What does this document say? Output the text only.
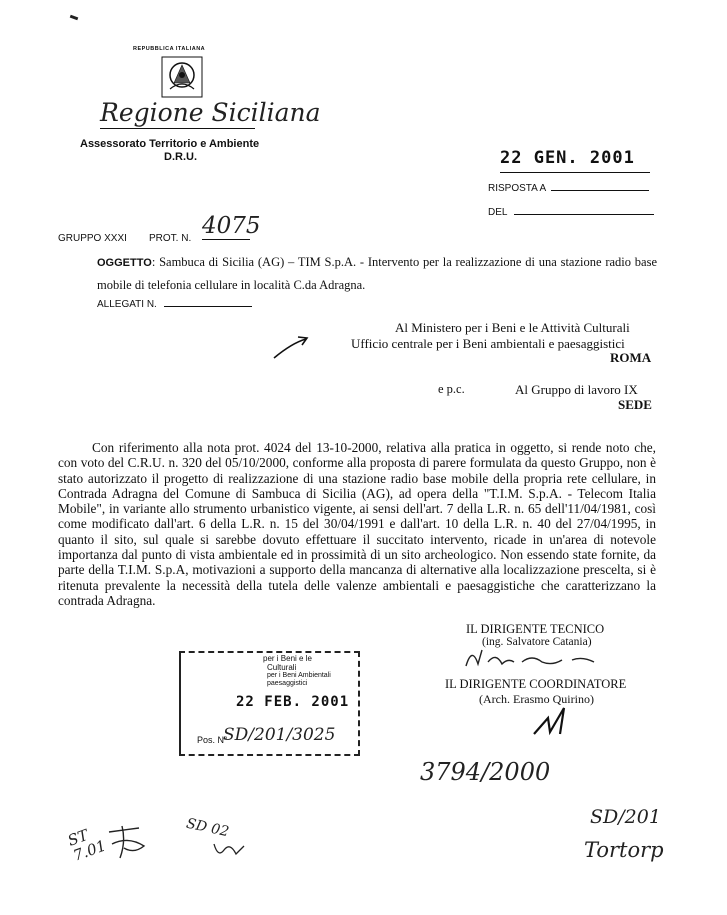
REPUBBLICA ITALIANA
Regione Siciliana
Assessorato Territorio e Ambiente
D.R.U.	22 GEN. 2001
RISPOSTA A
DEL
GRUPPO XXXI PROT. N. 4075
OGGETTO: Sambuca di Sicilia (AG) – TIM S.p.A. - Intervento per la realizzazione di una stazione radio base mobile di telefonia cellulare in località C.da Adragna.
ALLEGATI N.
Al Ministero per i Beni e le Attività Culturali
Ufficio centrale per i Beni ambientali e paesaggistici
ROMA
e p.c.	Al Gruppo di lavoro IX
SEDE
Con riferimento alla nota prot. 4024 del 13-10-2000, relativa alla pratica in oggetto, si rende noto che, con voto del C.R.U. n. 320 del 05/10/2000, conforme alla proposta di parere formulata da questo Gruppo, non è stato autorizzato il progetto di realizzazione di una stazione radio base mobile della propria rete cellulare, in Contrada Adragna del Comune di Sambuca di Sicilia (AG), ad opera della "T.I.M. S.p.A. - Telecom Italia Mobile", in variante allo strumento urbanistico vigente, ai sensi dell'art. 7 della L.R. n. 65 dell'11/04/1981, così come modificato dall'art. 6 della L.R. n. 15 del 30/04/1991 e dall'art. 10 della L.R. n. 40 del 27/04/1995, in quanto il sito, sul quale si sarebbe dovuto effettuare il succitato intervento, ricade in un'area di notevole importanza dal punto di vista ambientale ed in prossimità di un sito archeologico. Non essendo state fornite, da parte della T.I.M. S.p.A, motivazioni a supporto della mancanza di alternative alla localizzazione prescelta, si è ritenuta prevalente la necessità della tutela delle valenze ambientali e paesaggistiche che caratterizzano la contrada Adragna.
IL DIRIGENTE TECNICO
(ing. Salvatore Catania)
IL DIRIGENTE COORDINATORE
(Arch. Erasmo Quirino)
per i Beni e le
Culturali
per i Beni Ambientali
paesaggistici
22 FEB. 2001
Pos. N°
SD/201/3025
3794/2000
SD/201
Tortorp
ST 7.01
SD 02
